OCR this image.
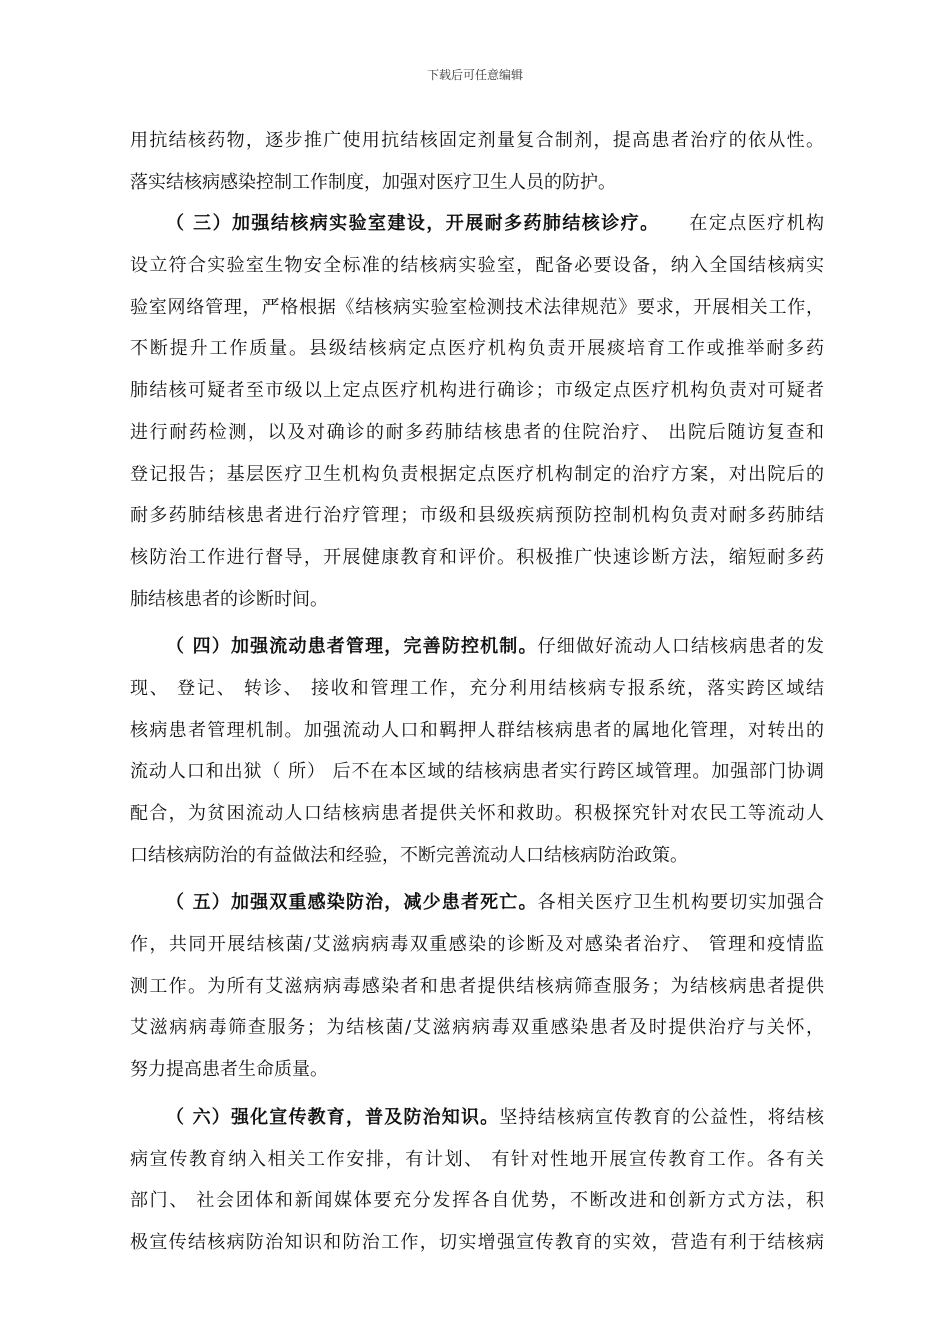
下载后可任意编辑
用抗结核药物，逐步推广使用抗结核固定剂量复合制剂，提高患者治疗的依从性。
落实结核病感染控制工作制度，加强对医疗卫生人员的防护。
（ 三）加强结核病实验室建设，开展耐多药肺结核诊疗。　　在定点医疗机构
设立符合实验室生物安全标准的结核病实验室，配备必要设备，纳入全国结核病实
验室网络管理，严格根据《结核病实验室检测技术法律规范》要求，开展相关工作，
不断提升工作质量。县级结核病定点医疗机构负责开展痰培育工作或推举耐多药
肺结核可疑者至市级以上定点医疗机构进行确诊；市级定点医疗机构负责对可疑者
进行耐药检测，以及对确诊的耐多药肺结核患者的住院治疗、 出院后随访复查和
登记报告；基层医疗卫生机构负责根据定点医疗机构制定的治疗方案，对出院后的
耐多药肺结核患者进行治疗管理；市级和县级疾病预防控制机构负责对耐多药肺结
核防治工作进行督导，开展健康教育和评价。积极推广快速诊断方法，缩短耐多药
肺结核患者的诊断时间。
（ 四）加强流动患者管理，完善防控机制。仔细做好流动人口结核病患者的发
现、 登记、 转诊、 接收和管理工作，充分利用结核病专报系统，落实跨区域结
核病患者管理机制。加强流动人口和羁押人群结核病患者的属地化管理，对转出的
流动人口和出狱（ 所） 后不在本区域的结核病患者实行跨区域管理。加强部门协调
配合，为贫困流动人口结核病患者提供关怀和救助。积极探究针对农民工等流动人
口结核病防治的有益做法和经验，不断完善流动人口结核病防治政策。
（ 五）加强双重感染防治，减少患者死亡。各相关医疗卫生机构要切实加强合
作，共同开展结核菌/艾滋病病毒双重感染的诊断及对感染者治疗、 管理和疫情监
测工作。为所有艾滋病病毒感染者和患者提供结核病筛查服务；为结核病患者提供
艾滋病病毒筛查服务；为结核菌/艾滋病病毒双重感染患者及时提供治疗与关怀，
努力提高患者生命质量。
（ 六）强化宣传教育，普及防治知识。坚持结核病宣传教育的公益性，将结核
病宣传教育纳入相关工作安排，有计划、 有针对性地开展宣传教育工作。各有关
部门、 社会团体和新闻媒体要充分发挥各自优势，不断改进和创新方式方法，积
极宣传结核病防治知识和防治工作，切实增强宣传教育的实效，营造有利于结核病
